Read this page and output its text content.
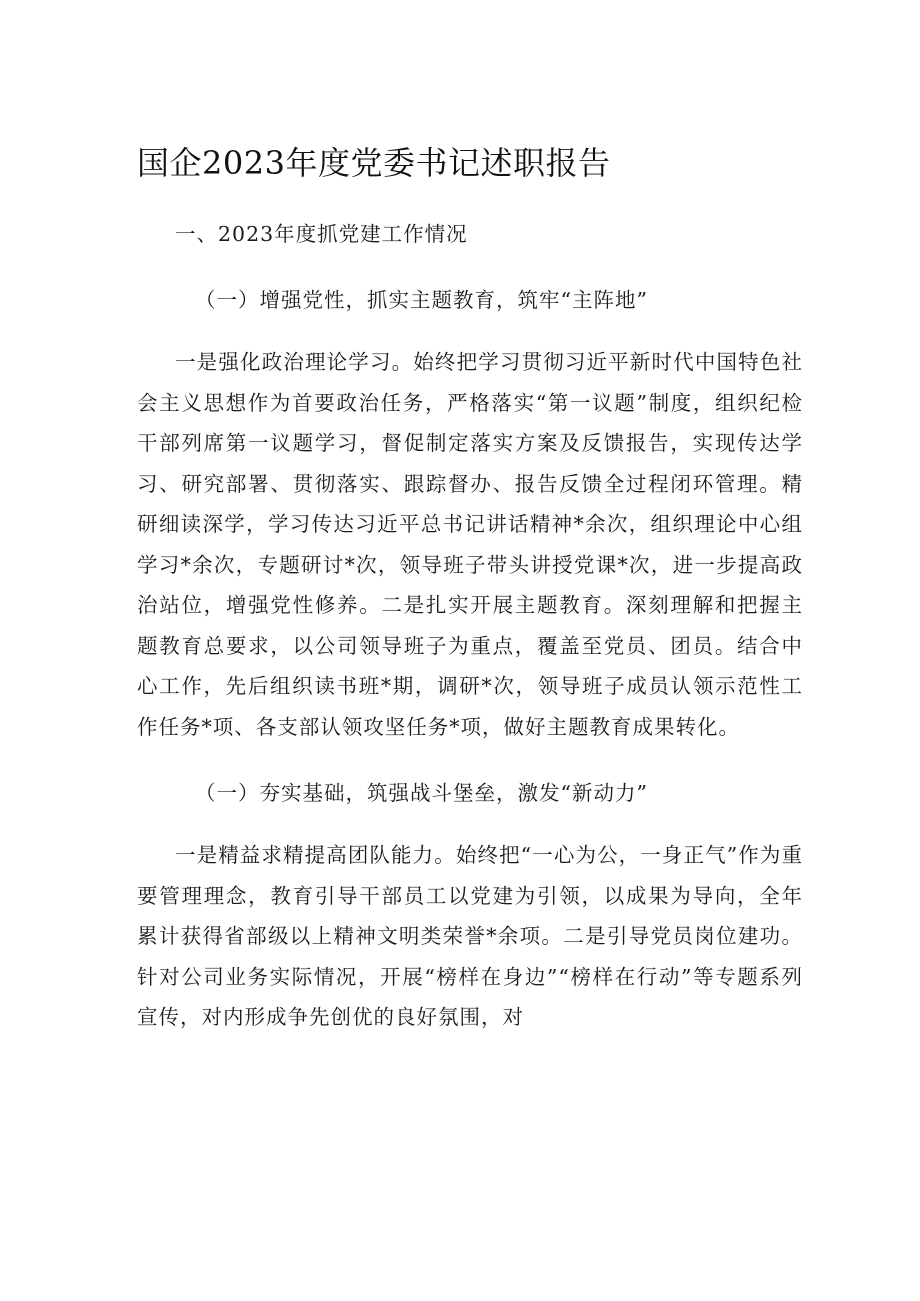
国企2023年度党委书记述职报告

一、2023年度抓党建工作情况

（一）增强党性，抓实主题教育，筑牢“主阵地”

一是强化政治理论学习。始终把学习贯彻习近平新时代中国特色社会主义思想作为首要政治任务，严格落实“第一议题”制度，组织纪检干部列席第一议题学习，督促制定落实方案及反馈报告，实现传达学习、研究部署、贯彻落实、跟踪督办、报告反馈全过程闭环管理。精研细读深学，学习传达习近平总书记讲话精神*余次，组织理论中心组学习*余次，专题研讨*次，领导班子带头讲授党课*次，进一步提高政治站位，增强党性修养。二是扎实开展主题教育。深刻理解和把握主题教育总要求，以公司领导班子为重点，覆盖至党员、团员。结合中心工作，先后组织读书班*期，调研*次，领导班子成员认领示范性工作任务*项、各支部认领攻坚任务*项，做好主题教育成果转化。

（一）夯实基础，筑强战斗堡垒，激发“新动力”

一是精益求精提高团队能力。始终把“一心为公，一身正气”作为重要管理理念，教育引导干部员工以党建为引领，以成果为导向，全年累计获得省部级以上精神文明类荣誉*余项。二是引导党员岗位建功。针对公司业务实际情况，开展“榜样在身边”“榜样在行动”等专题系列宣传，对内形成争先创优的良好氛围，对
